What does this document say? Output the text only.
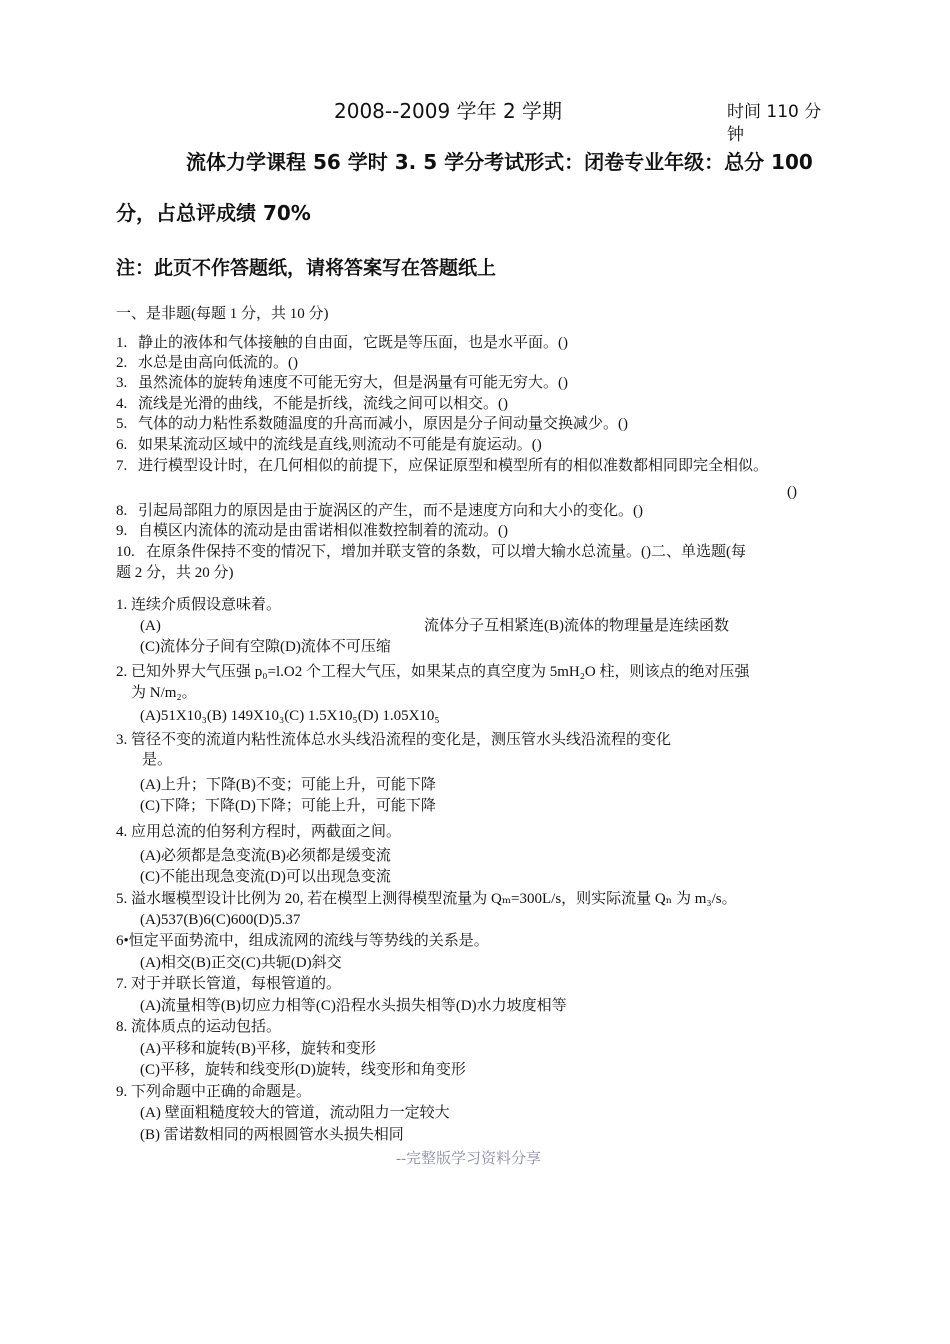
2008--2009 学年 2 学期	时间 110 分钟
流体力学课程 56 学时 3. 5 学分考试形式：闭卷专业年级：总分 100
分，占总评成绩 70%
注：此页不作答题纸，请将答案写在答题纸上
一、是非题(每题 1 分，共 10 分)
1. 静止的液体和气体接触的自由面，它既是等压面，也是水平面。()
2. 水总是由高向低流的。()
3. 虽然流体的旋转角速度不可能无穷大，但是涡量有可能无穷大。()
4. 流线是光滑的曲线，不能是折线，流线之间可以相交。()
5. 气体的动力粘性系数随温度的升高而减小，原因是分子间动量交换减少。()
6. 如果某流动区域中的流线是直线,则流动不可能是有旋运动。()
7. 进行模型设计时，在几何相似的前提下，应保证原型和模型所有的相似准数都相同即完全相似。
()
8. 引起局部阻力的原因是由于旋涡区的产生，而不是速度方向和大小的变化。()
9. 自模区内流体的流动是由雷诺相似准数控制着的流动。()
10. 在原条件保持不变的情况下，增加并联支管的条数，可以增大输水总流量。()二、单选题(每
题 2 分，共 20 分)
1. 连续介质假设意味着。
(A)	流体分子互相紧连(B)流体的物理量是连续函数
(C)流体分子间有空隙(D)流体不可压缩
2. 已知外界大气压强 p₀=l.O2 个工程大气压，如果某点的真空度为 5mH₂O 柱，则该点的绝对压强
为 N/m₂。
(A)51X10₃(B) 149X10₃(C) 1.5X10₅(D) 1.05X10₅
3. 管径不变的流道内粘性流体总水头线沿流程的变化是，测压管水头线沿流程的变化
是。
(A)上升；下降(B)不变；可能上升，可能下降
(C)下降；下降(D)下降；可能上升，可能下降
4. 应用总流的伯努利方程时，两截面之间。
(A)必须都是急变流(B)必须都是缓变流
(C)不能出现急变流(D)可以出现急变流
5. 溢水堰模型设计比例为 20, 若在模型上测得模型流量为 Qₘ=300L/s，则实际流量 Qₙ 为 m₃/s。
(A)537(B)6(C)600(D)5.37
6•恒定平面势流中，组成流网的流线与等势线的关系是。
(A)相交(B)正交(C)共轭(D)斜交
7. 对于并联长管道，每根管道的。
(A)流量相等(B)切应力相等(C)沿程水头损失相等(D)水力坡度相等
8. 流体质点的运动包括。
(A)平移和旋转(B)平移，旋转和变形
(C)平移，旋转和线变形(D)旋转，线变形和角变形
9. 下列命题中正确的命题是。
(A) 壁面粗糙度较大的管道，流动阻力一定较大
(B) 雷诺数相同的两根圆管水头损失相同
--完整版学习资料分享
